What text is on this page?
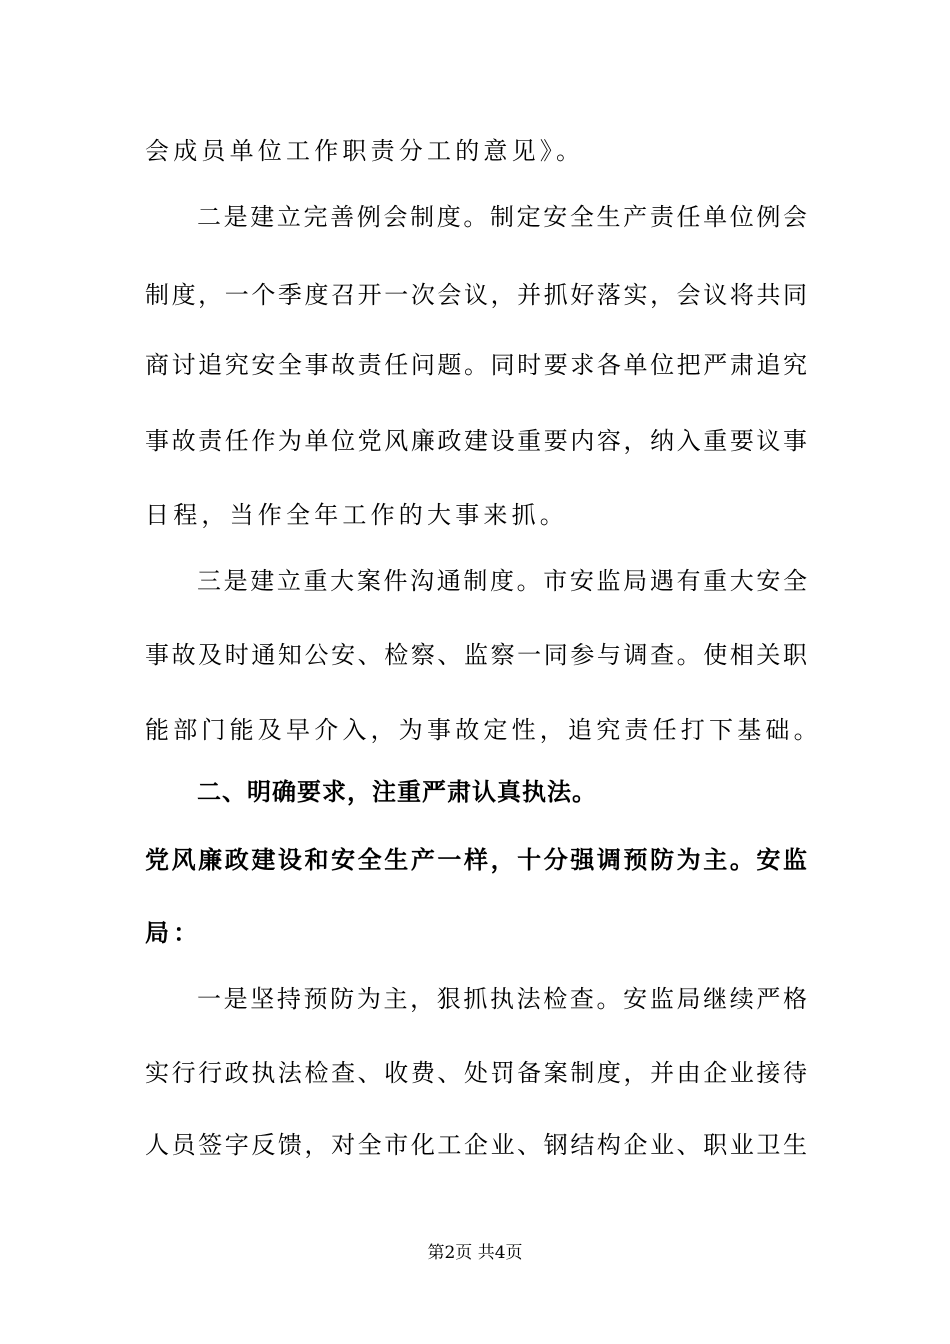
会成员单位工作职责分工的意见》。
二是建立完善例会制度。制定安全生产责任单位例会
制度，一个季度召开一次会议，并抓好落实，会议将共同
商讨追究安全事故责任问题。同时要求各单位把严肃追究
事故责任作为单位党风廉政建设重要内容，纳入重要议事
日程，当作全年工作的大事来抓。
三是建立重大案件沟通制度。市安监局遇有重大安全
事故及时通知公安、检察、监察一同参与调查。使相关职
能部门能及早介入，为事故定性，追究责任打下基础。
二、明确要求，注重严肃认真执法。
党风廉政建设和安全生产一样，十分强调预防为主。安监
局：
一是坚持预防为主，狠抓执法检查。安监局继续严格
实行行政执法检查、收费、处罚备案制度，并由企业接待
人员签字反馈，对全市化工企业、钢结构企业、职业卫生
第2页 共4页
